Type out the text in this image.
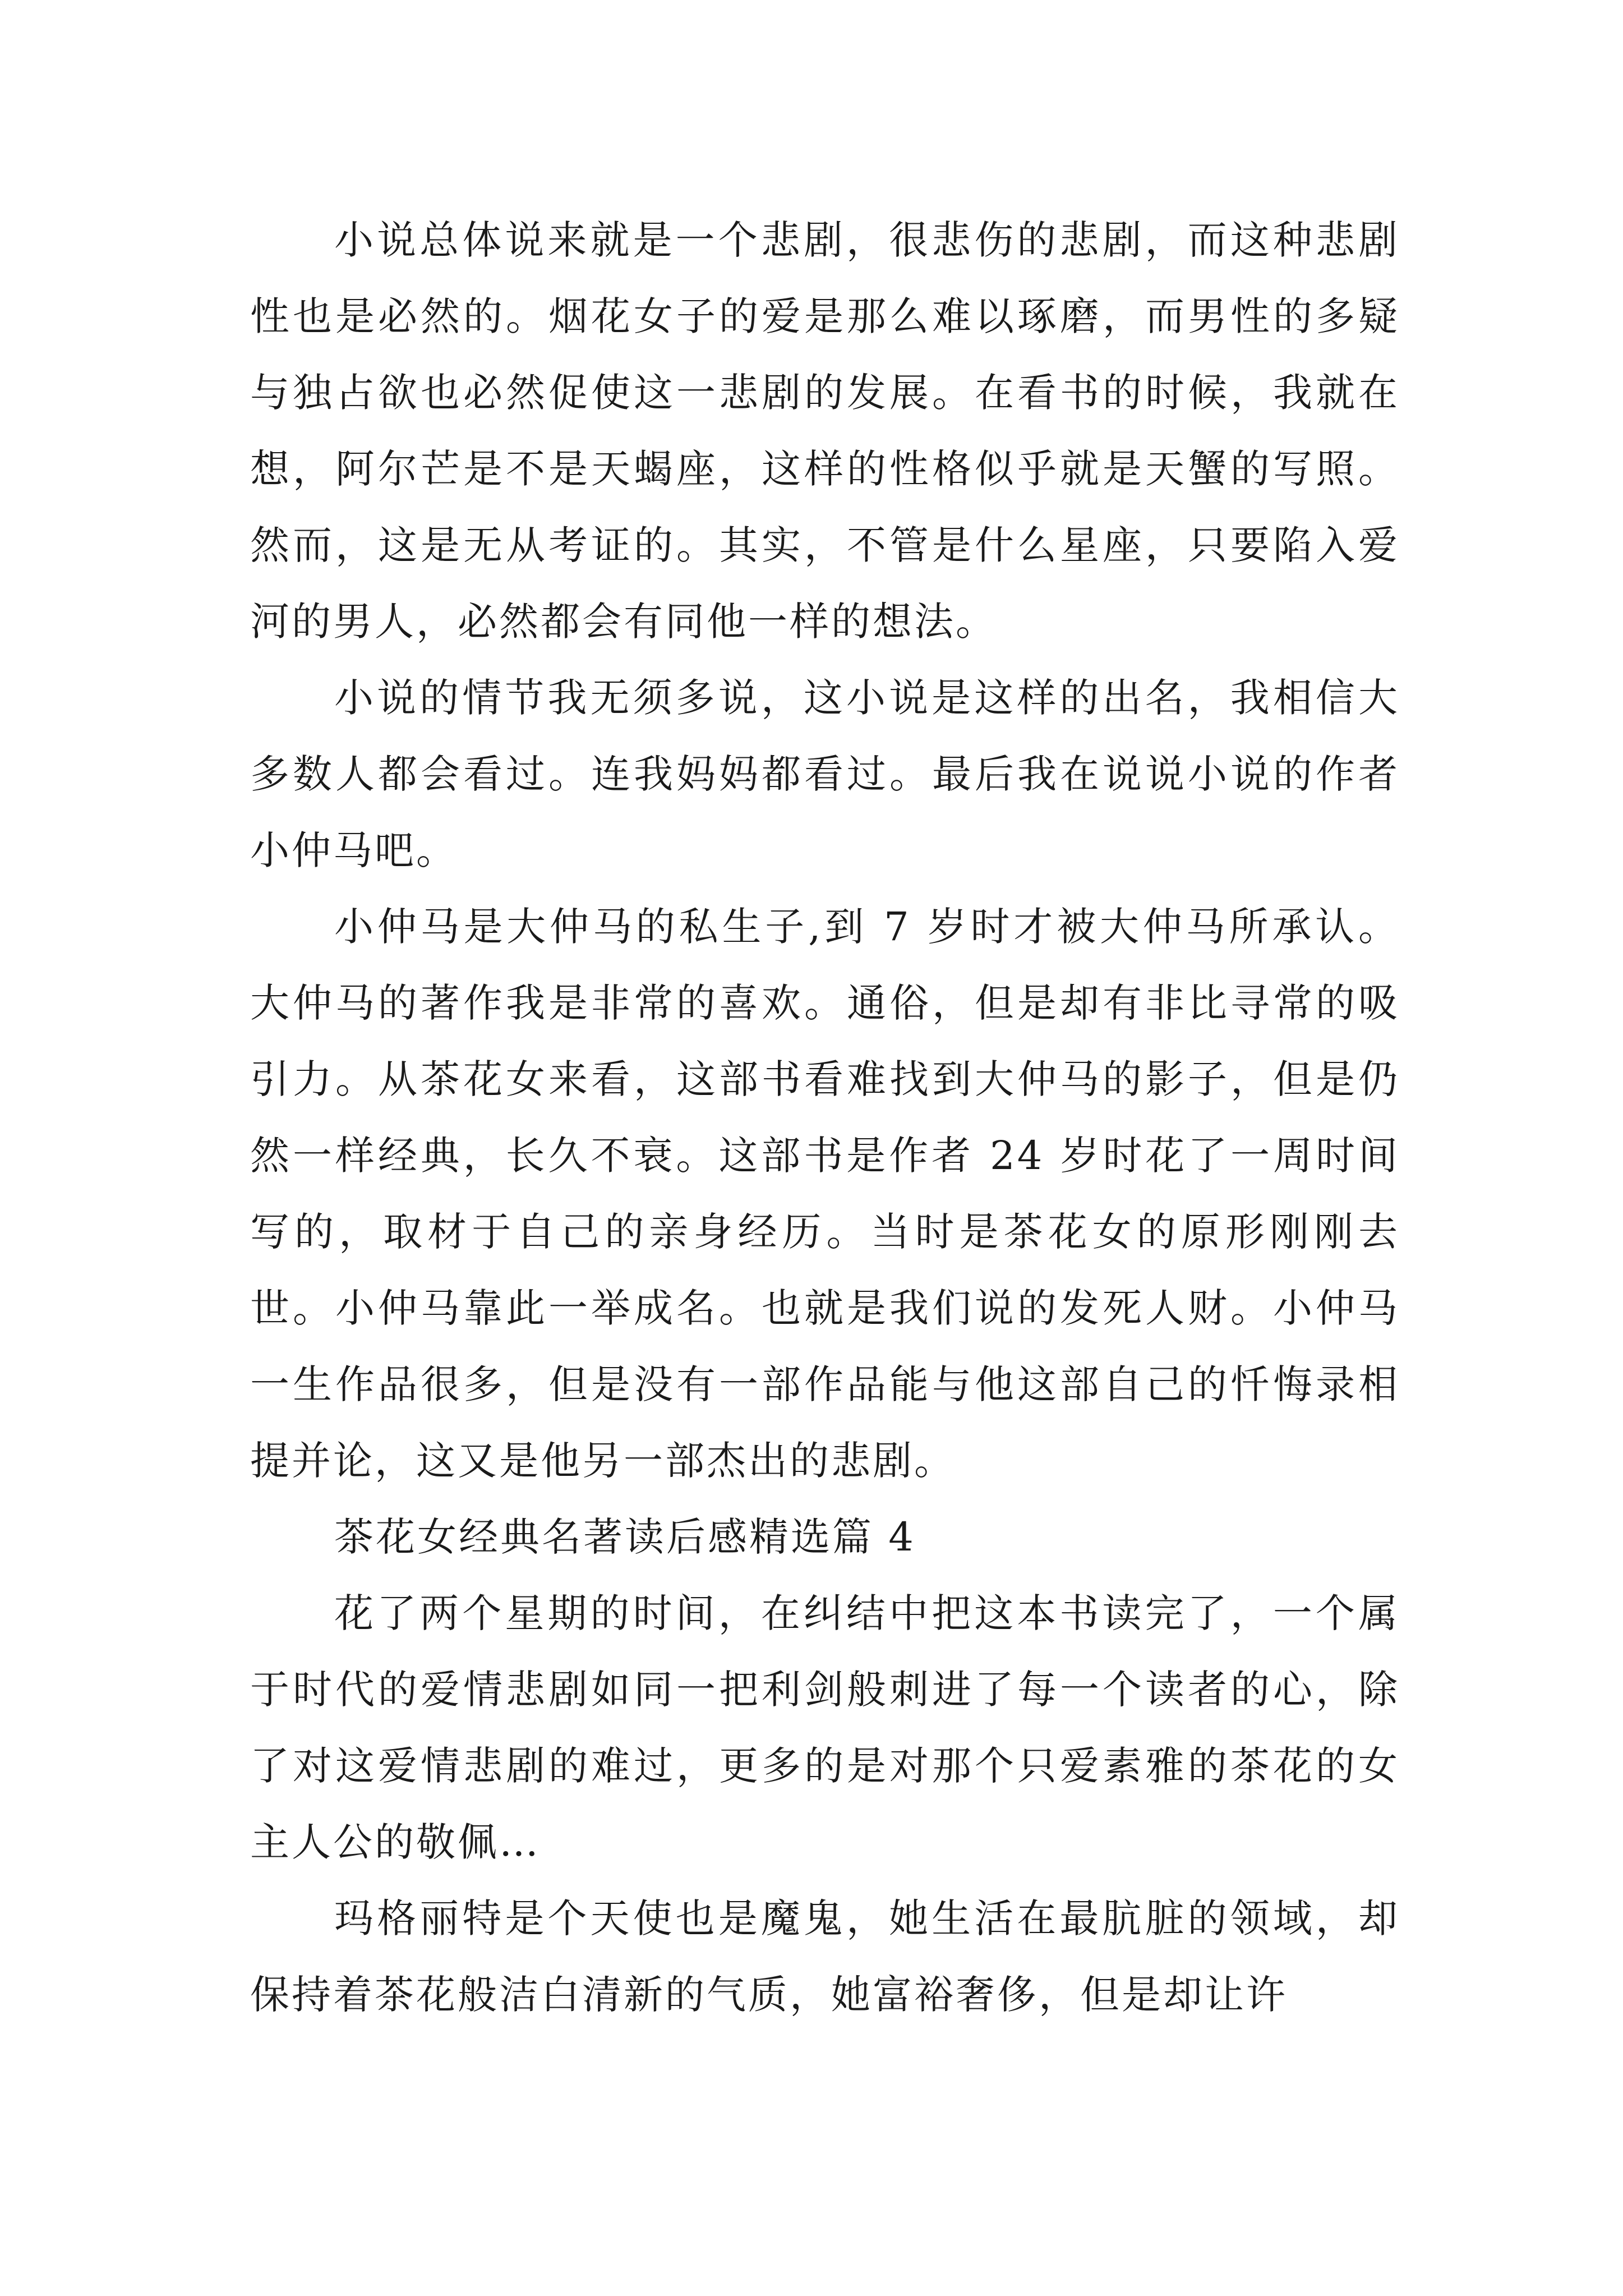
小说总体说来就是一个悲剧，很悲伤的悲剧，而这种悲剧性也是必然的。烟花女子的爱是那么难以琢磨，而男性的多疑与独占欲也必然促使这一悲剧的发展。在看书的时候，我就在想，阿尔芒是不是天蝎座，这样的性格似乎就是天蟹的写照。然而，这是无从考证的。其实，不管是什么星座，只要陷入爱河的男人，必然都会有同他一样的想法。

小说的情节我无须多说，这小说是这样的出名，我相信大多数人都会看过。连我妈妈都看过。最后我在说说小说的作者小仲马吧。

小仲马是大仲马的私生子,到 7 岁时才被大仲马所承认。大仲马的著作我是非常的喜欢。通俗，但是却有非比寻常的吸引力。从茶花女来看，这部书看难找到大仲马的影子，但是仍然一样经典，长久不衰。这部书是作者 24 岁时花了一周时间写的，取材于自己的亲身经历。当时是茶花女的原形刚刚去世。小仲马靠此一举成名。也就是我们说的发死人财。小仲马一生作品很多，但是没有一部作品能与他这部自己的忏悔录相提并论，这又是他另一部杰出的悲剧。

茶花女经典名著读后感精选篇 4

花了两个星期的时间，在纠结中把这本书读完了，一个属于时代的爱情悲剧如同一把利剑般刺进了每一个读者的心，除了对这爱情悲剧的难过，更多的是对那个只爱素雅的茶花的女主人公的敬佩…

玛格丽特是个天使也是魔鬼，她生活在最肮脏的领域，却保持着茶花般洁白清新的气质，她富裕奢侈，但是却让许
